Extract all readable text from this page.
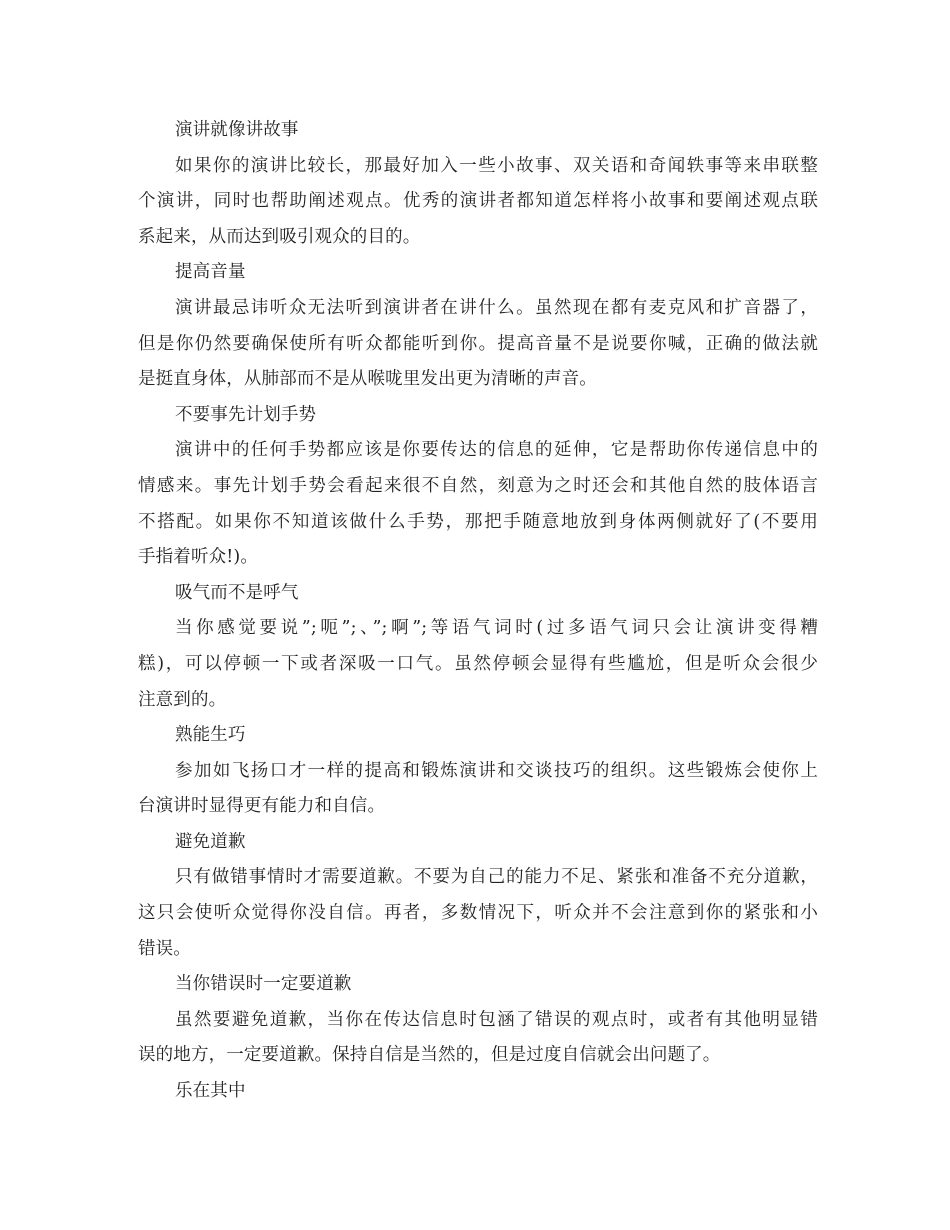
演讲就像讲故事
如果你的演讲比较长，那最好加入一些小故事、双关语和奇闻轶事等来串联整
个演讲，同时也帮助阐述观点。优秀的演讲者都知道怎样将小故事和要阐述观点联
系起来，从而达到吸引观众的目的。
提高音量
演讲最忌讳听众无法听到演讲者在讲什么。虽然现在都有麦克风和扩音器了，
但是你仍然要确保使所有听众都能听到你。提高音量不是说要你喊，正确的做法就
是挺直身体，从肺部而不是从喉咙里发出更为清晰的声音。
不要事先计划手势
演讲中的任何手势都应该是你要传达的信息的延伸，它是帮助你传递信息中的
情感来。事先计划手势会看起来很不自然，刻意为之时还会和其他自然的肢体语言
不搭配。如果你不知道该做什么手势，那把手随意地放到身体两侧就好了(不要用
手指着听众!)。
吸气而不是呼气
当你感觉要说”;呃”;、”;啊”;等语气词时(过多语气词只会让演讲变得糟
糕)，可以停顿一下或者深吸一口气。虽然停顿会显得有些尴尬，但是听众会很少
注意到的。
熟能生巧
参加如飞扬口才一样的提高和锻炼演讲和交谈技巧的组织。这些锻炼会使你上
台演讲时显得更有能力和自信。
避免道歉
只有做错事情时才需要道歉。不要为自己的能力不足、紧张和准备不充分道歉，
这只会使听众觉得你没自信。再者，多数情况下，听众并不会注意到你的紧张和小
错误。
当你错误时一定要道歉
虽然要避免道歉，当你在传达信息时包涵了错误的观点时，或者有其他明显错
误的地方，一定要道歉。保持自信是当然的，但是过度自信就会出问题了。
乐在其中
